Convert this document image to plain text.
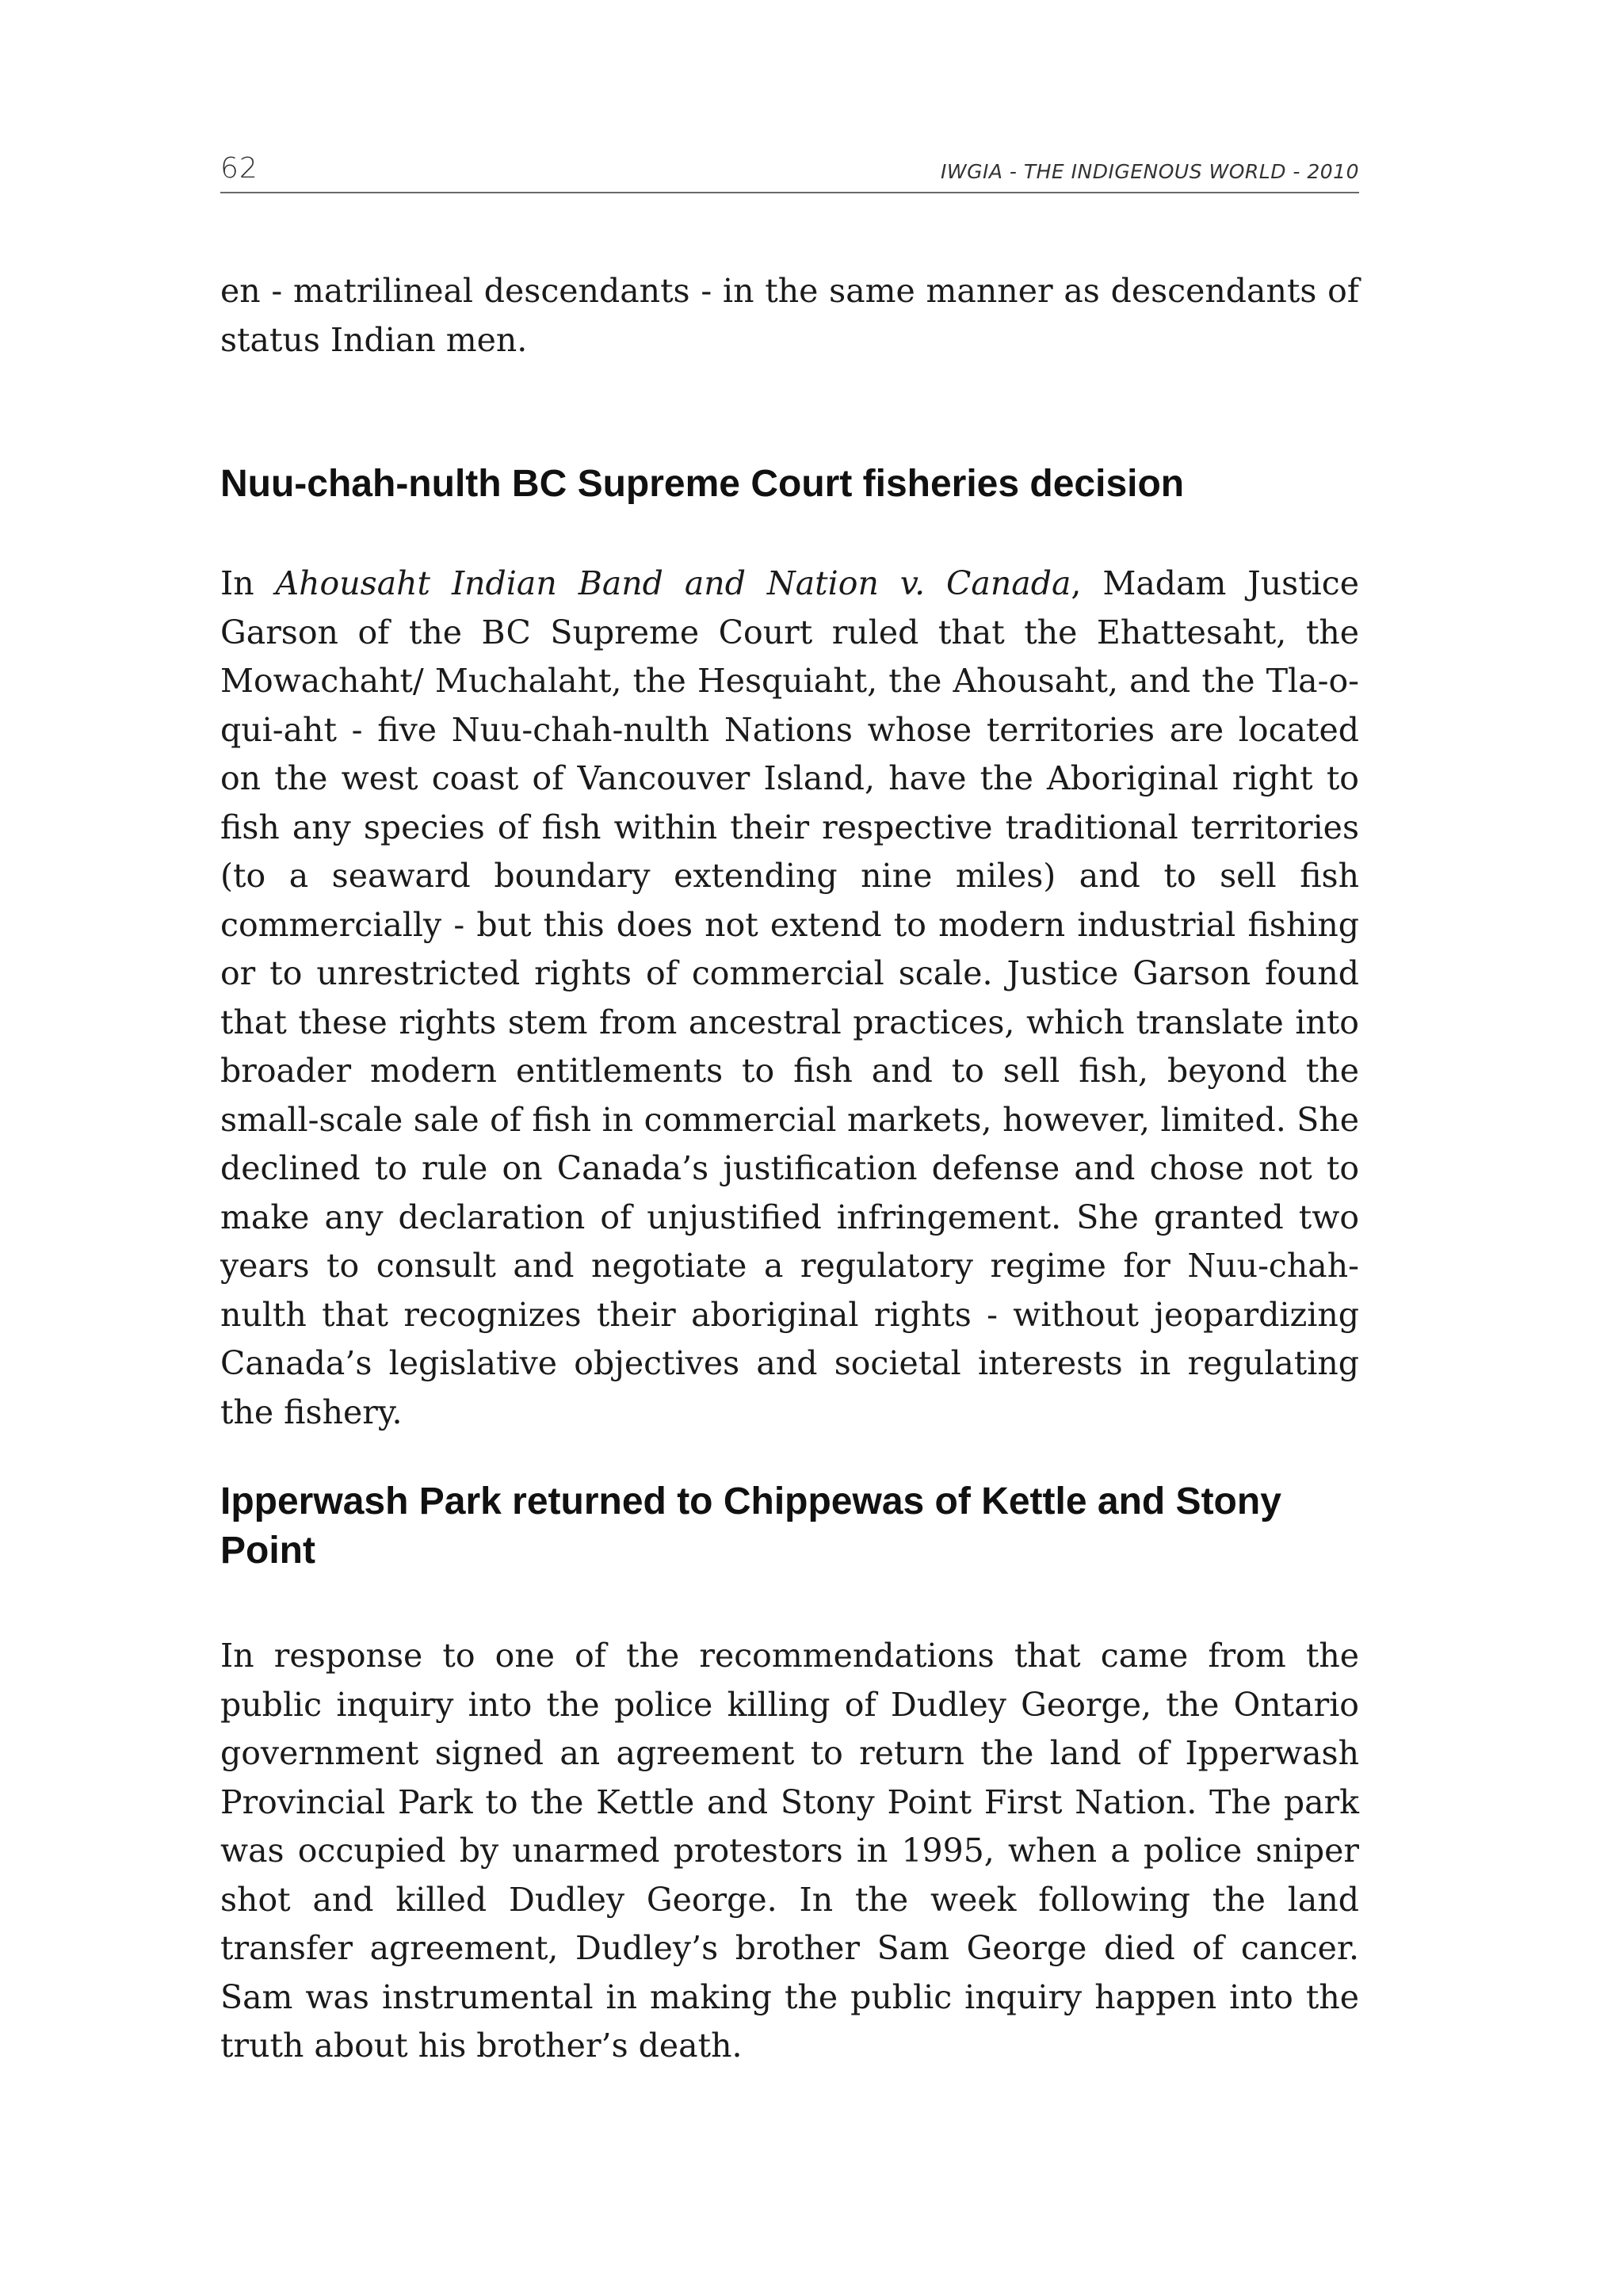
62	IWGIA - THE INDIGENOUS WORLD - 2010

en - matrilineal descendants - in the same manner as descendants of status Indian men.

Nuu-chah-nulth BC Supreme Court fisheries decision

In Ahousaht Indian Band and Nation v. Canada, Madam Justice Garson of the BC Supreme Court ruled that the Ehattesaht, the Mowachaht/ Muchalaht, the Hesquiaht, the Ahousaht, and the Tla-o-qui-aht - five Nuu-chah-nulth Nations whose territories are located on the west coast of Vancouver Island, have the Aboriginal right to fish any species of fish within their respective traditional territories (to a seaward boundary extending nine miles) and to sell fish commercially - but this does not extend to modern industrial fishing or to unrestricted rights of commercial scale. Justice Garson found that these rights stem from ancestral practices, which translate into broader modern entitlements to fish and to sell fish, beyond the small-scale sale of fish in commercial markets, however, limited. She declined to rule on Canada’s justification defense and chose not to make any declaration of unjustified infringement. She granted two years to consult and negotiate a regulatory regime for Nuu-chah-nulth that recognizes their aboriginal rights - without jeopardizing Canada’s legislative objectives and societal interests in regulating the fishery.

Ipperwash Park returned to Chippewas of Kettle and Stony Point

In response to one of the recommendations that came from the public inquiry into the police killing of Dudley George, the Ontario government signed an agreement to return the land of Ipperwash Provincial Park to the Kettle and Stony Point First Nation. The park was occupied by unarmed protestors in 1995, when a police sniper shot and killed Dudley George. In the week following the land transfer agreement, Dudley’s brother Sam George died of cancer. Sam was instrumental in making the public inquiry happen into the truth about his brother’s death.
